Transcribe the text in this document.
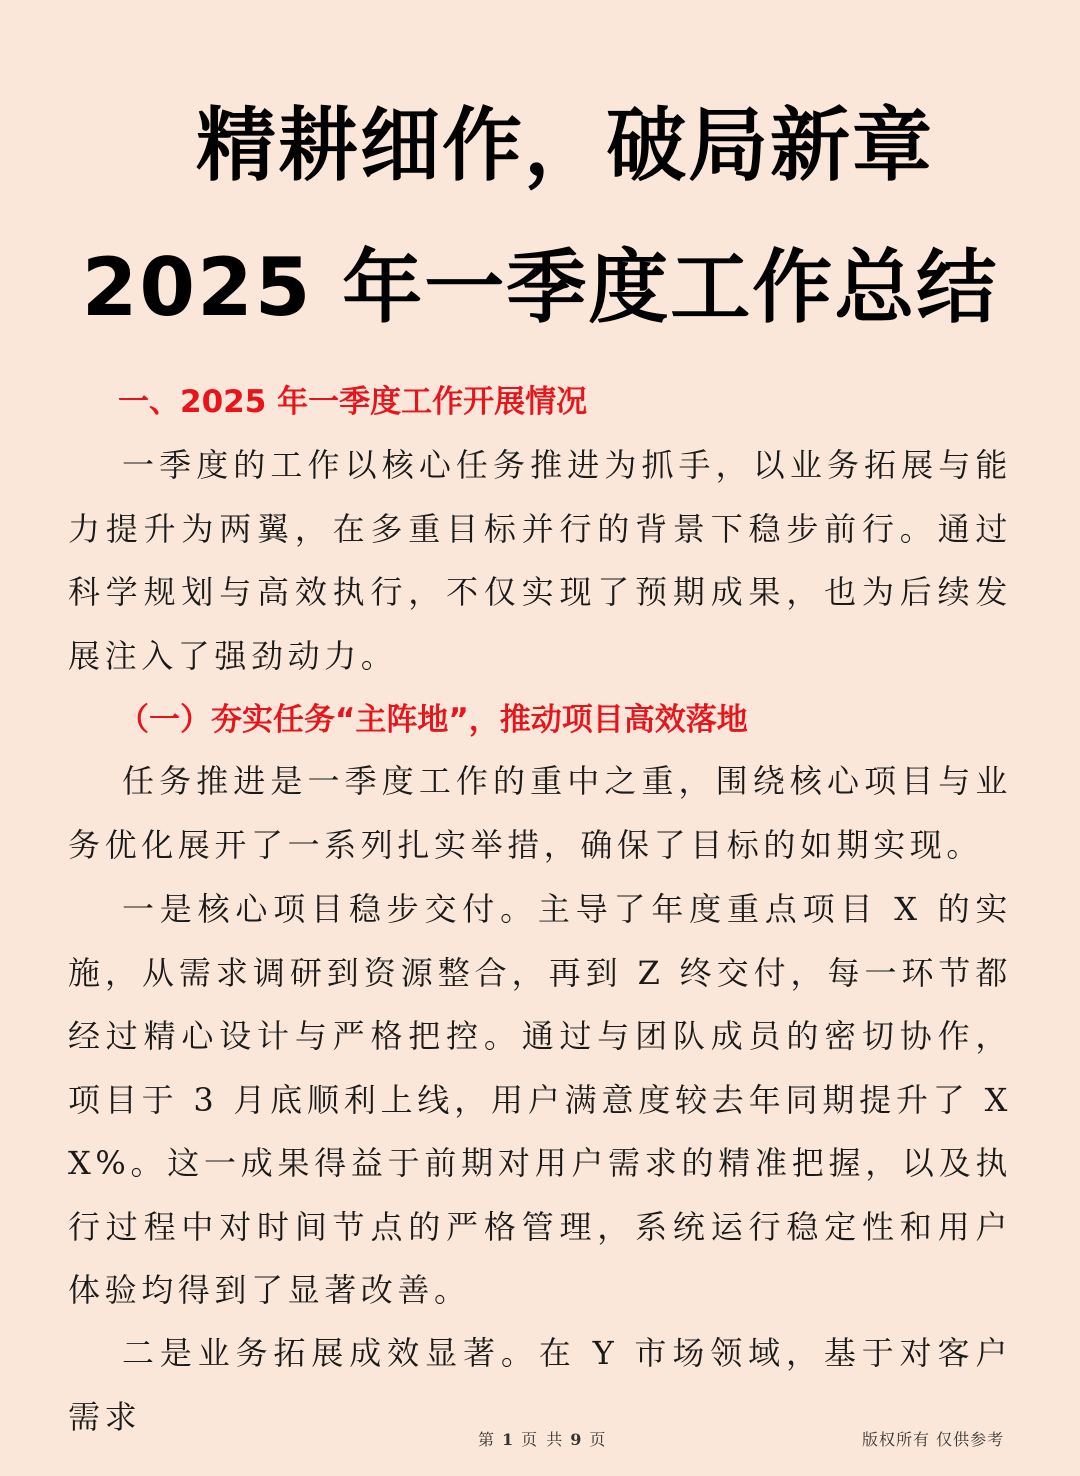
精耕细作，破局新章
2025 年一季度工作总结
一、2025 年一季度工作开展情况
一季度的工作以核心任务推进为抓手，以业务拓展与能力提升为两翼，在多重目标并行的背景下稳步前行。通过科学规划与高效执行，不仅实现了预期成果，也为后续发展注入了强劲动力。
（一）夯实任务“主阵地”，推动项目高效落地
任务推进是一季度工作的重中之重，围绕核心项目与业务优化展开了一系列扎实举措，确保了目标的如期实现。
一是核心项目稳步交付。主导了年度重点项目 X 的实施，从需求调研到资源整合，再到 Z 终交付，每一环节都经过精心设计与严格把控。通过与团队成员的密切协作，项目于 3 月底顺利上线，用户满意度较去年同期提升了 XX%。这一成果得益于前期对用户需求的精准把握，以及执行过程中对时间节点的严格管理，系统运行稳定性和用户体验均得到了显著改善。
二是业务拓展成效显著。在 Y 市场领域，基于对客户需求
第 1 页 共 9 页	版权所有 仅供参考
